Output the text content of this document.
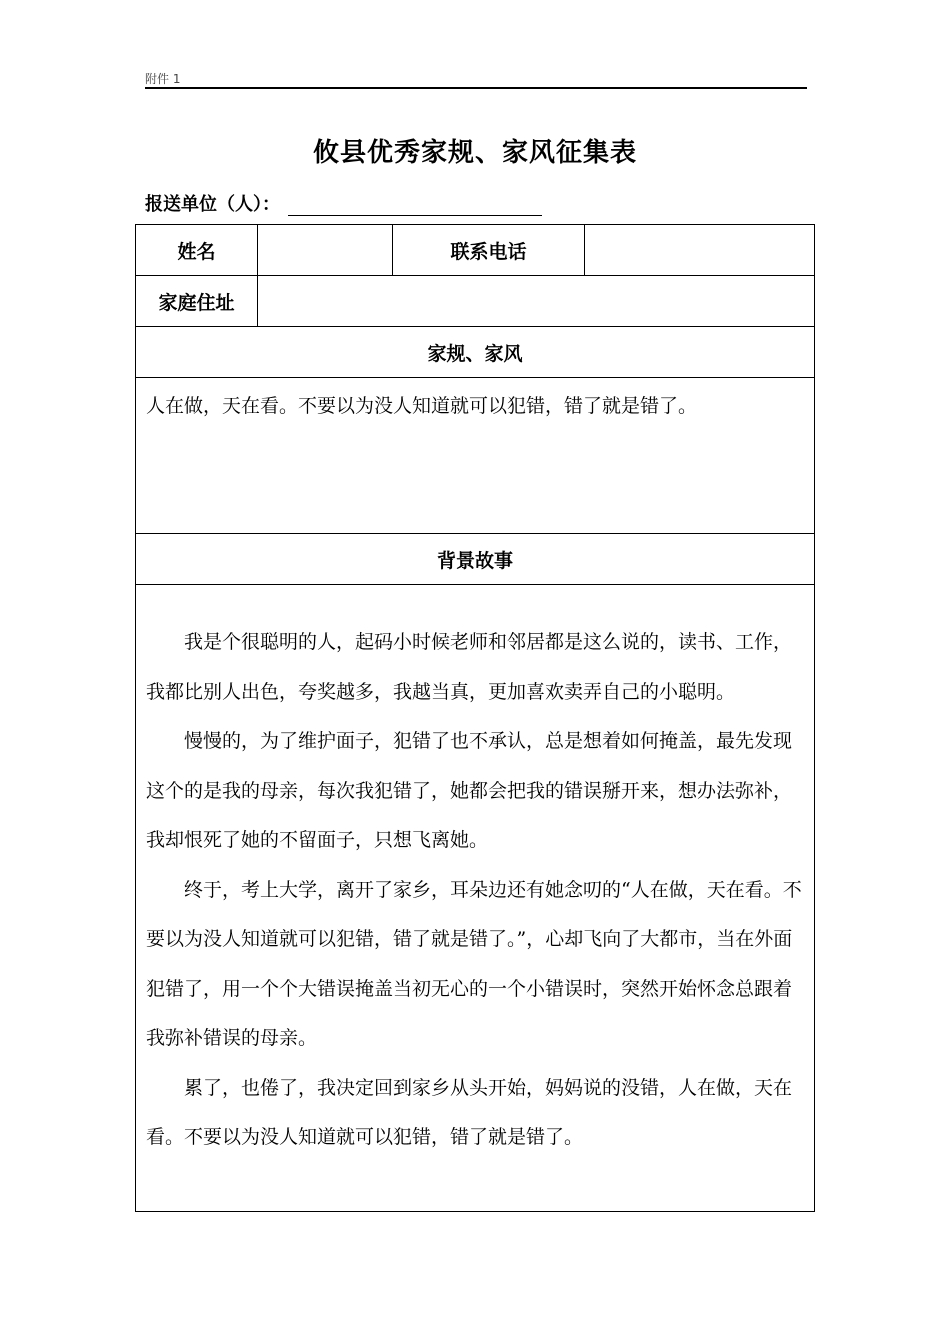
附件 1
攸县优秀家规、家风征集表
报送单位（人）：
姓名	联系电话
家庭住址
家规、家风
人在做，天在看。不要以为没人知道就可以犯错，错了就是错了。
背景故事

我是个很聪明的人，起码小时候老师和邻居都是这么说的，读书、工作，我都比别人出色，夸奖越多，我越当真，更加喜欢卖弄自己的小聪明。

慢慢的，为了维护面子，犯错了也不承认，总是想着如何掩盖，最先发现这个的是我的母亲，每次我犯错了，她都会把我的错误掰开来，想办法弥补，我却恨死了她的不留面子，只想飞离她。

终于，考上大学，离开了家乡，耳朵边还有她念叨的“人在做，天在看。不要以为没人知道就可以犯错，错了就是错了。”，心却飞向了大都市，当在外面犯错了，用一个个大错误掩盖当初无心的一个小错误时，突然开始怀念总跟着我弥补错误的母亲。

累了，也倦了，我决定回到家乡从头开始，妈妈说的没错，人在做，天在看。不要以为没人知道就可以犯错，错了就是错了。
